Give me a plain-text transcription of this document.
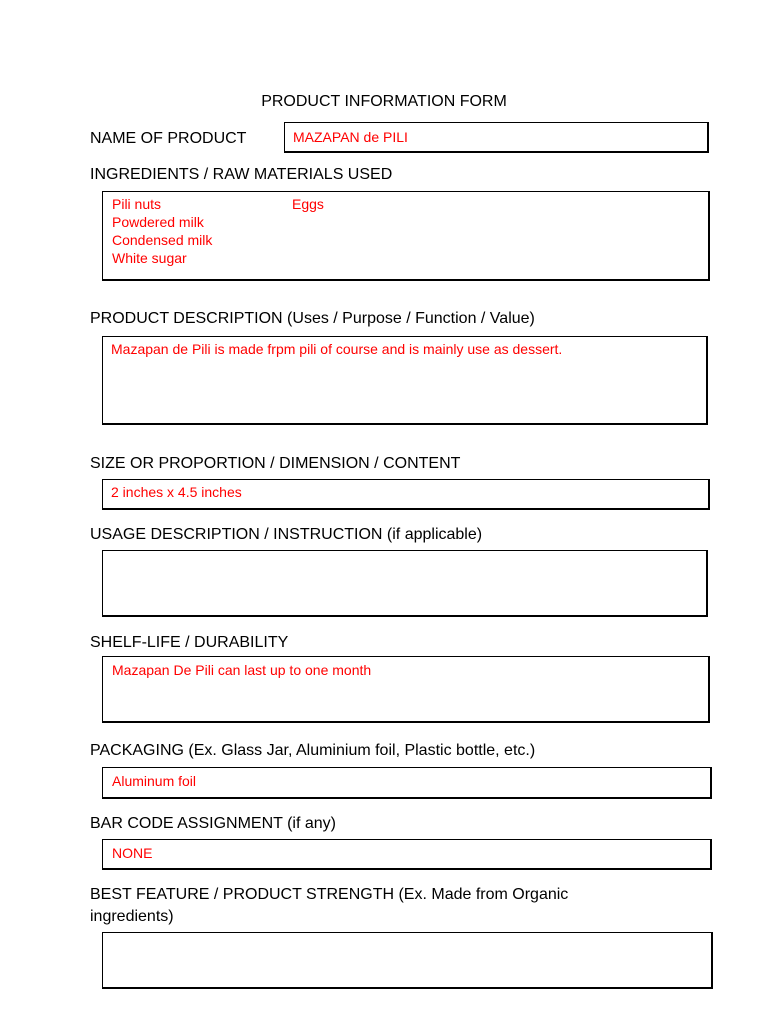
PRODUCT INFORMATION FORM
NAME OF PRODUCT	MAZAPAN de PILI
INGREDIENTS / RAW MATERIALS USED
Pili nuts
Powdered milk
Condensed milk
White sugar
Eggs
PRODUCT DESCRIPTION (Uses / Purpose / Function / Value)
Mazapan de Pili is made frpm pili of course and is mainly use as dessert.
SIZE OR PROPORTION / DIMENSION / CONTENT
2 inches x 4.5 inches
USAGE DESCRIPTION / INSTRUCTION (if applicable)
SHELF-LIFE / DURABILITY
Mazapan De Pili can last up to one month
PACKAGING (Ex. Glass Jar, Aluminium foil, Plastic bottle, etc.)
Aluminum foil
BAR CODE ASSIGNMENT (if any)
NONE
BEST FEATURE / PRODUCT STRENGTH (Ex. Made from Organic ingredients)
